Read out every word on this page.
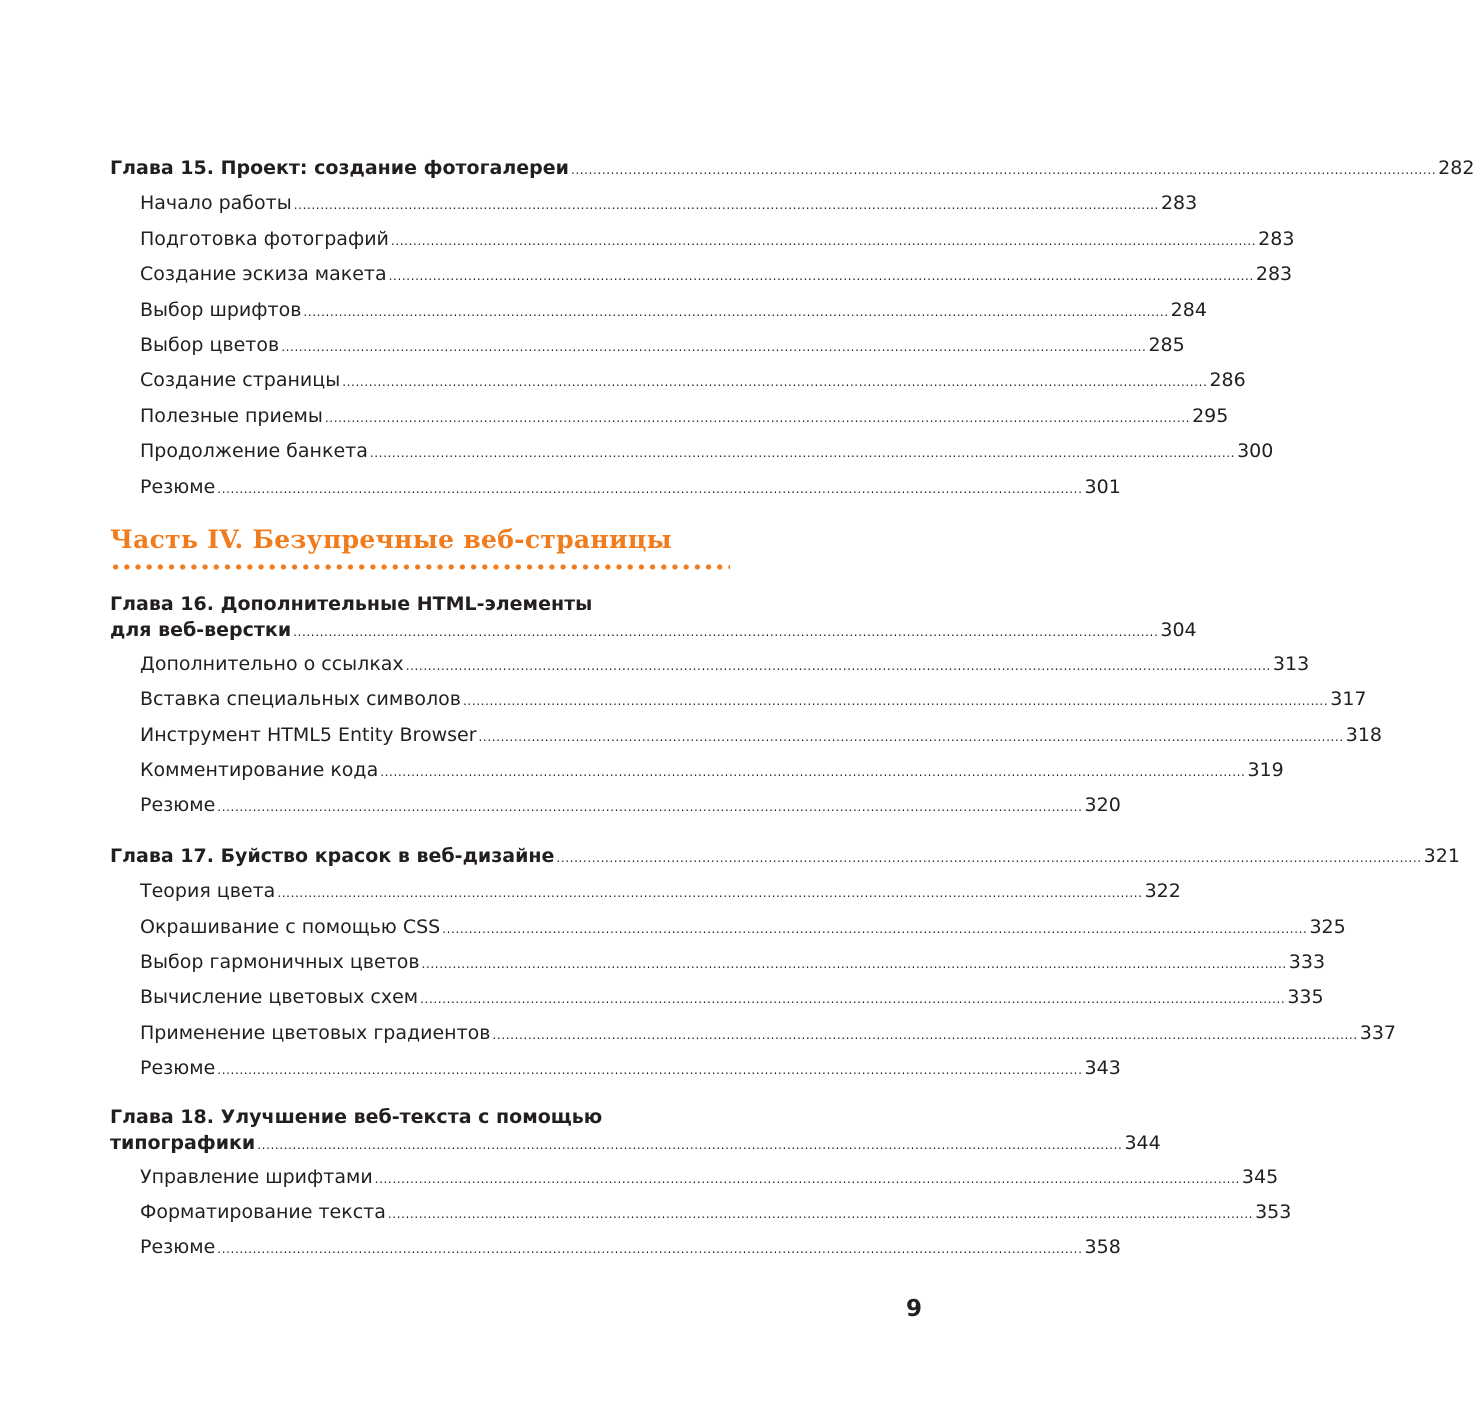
Глава 15. Проект: создание фотогалереи .................................................................................................................................................................................................... 282
Начало работы .................................................................................................................................................................................................... 283
Подготовка фотографий .................................................................................................................................................................................................... 283
Создание эскиза макета .................................................................................................................................................................................................... 283
Выбор шрифтов .................................................................................................................................................................................................... 284
Выбор цветов .................................................................................................................................................................................................... 285
Создание страницы .................................................................................................................................................................................................... 286
Полезные приемы .................................................................................................................................................................................................... 295
Продолжение банкета .................................................................................................................................................................................................... 300
Резюме .................................................................................................................................................................................................... 301
Часть IV. Безупречные веб-страницы
Глава 16. Дополнительные HTML-элементы
для веб-верстки .................................................................................................................................................................................................... 304
Дополнительно о ссылках .................................................................................................................................................................................................... 313
Вставка специальных символов .................................................................................................................................................................................................... 317
Инструмент HTML5 Entity Browser .................................................................................................................................................................................................... 318
Комментирование кода .................................................................................................................................................................................................... 319
Резюме .................................................................................................................................................................................................... 320
Глава 17. Буйство красок в веб-дизайне .................................................................................................................................................................................................... 321
Теория цвета .................................................................................................................................................................................................... 322
Окрашивание с помощью CSS .................................................................................................................................................................................................... 325
Выбор гармоничных цветов .................................................................................................................................................................................................... 333
Вычисление цветовых схем .................................................................................................................................................................................................... 335
Применение цветовых градиентов .................................................................................................................................................................................................... 337
Резюме .................................................................................................................................................................................................... 343
Глава 18. Улучшение веб-текста с помощью
типографики .................................................................................................................................................................................................... 344
Управление шрифтами .................................................................................................................................................................................................... 345
Форматирование текста .................................................................................................................................................................................................... 353
Резюме .................................................................................................................................................................................................... 358
9
